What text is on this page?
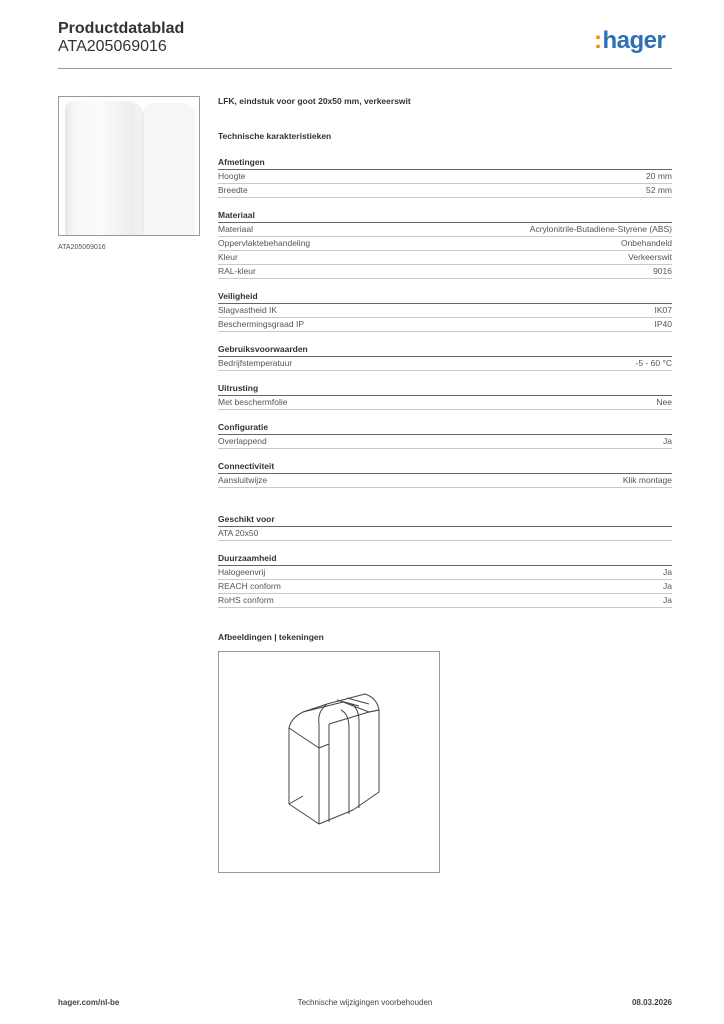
Productdatablad
ATA205069016	:hager
ATA205069016
LFK, eindstuk voor goot 20x50 mm, verkeerswit
Technische karakteristieken
Afmetingen
Hoogte	20 mm
Breedte	52 mm
Materiaal
Materiaal	Acrylonitrile-Butadiene-Styrene (ABS)
Oppervlaktebehandeling	Onbehandeld
Kleur	Verkeerswit
RAL-kleur	9016
Veiligheid
Slagvastheid IK	IK07
Beschermingsgraad IP	IP40
Gebruiksvoorwaarden
Bedrijfstemperatuur	-5 - 60 °C
Uitrusting
Met beschermfolie	Nee
Configuratie
Overlappend	Ja
Connectiviteit
Aansluitwijze	Klik montage
Geschikt voor
ATA 20x50
Duurzaamheid
Halogeenvrij	Ja
REACH conform	Ja
RoHS conform	Ja
Afbeeldingen | tekeningen
hager.com/nl-be	Technische wijzigingen voorbehouden	08.03.2026
